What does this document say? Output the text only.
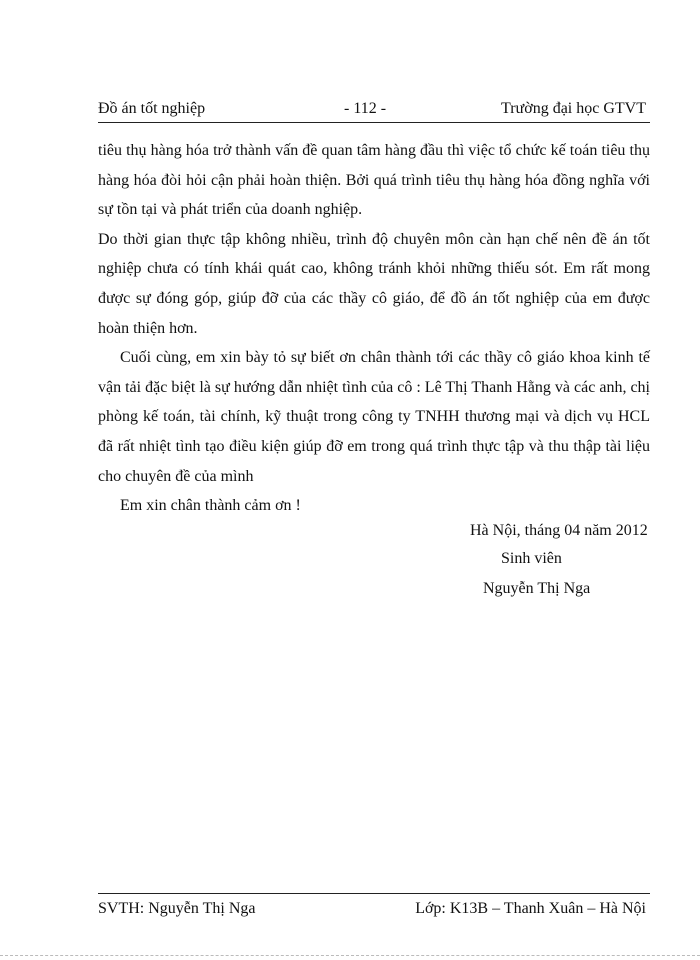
Đồ án tốt nghiệp	- 112 -	Trường đại học GTVT

tiêu thụ hàng hóa trở thành vấn đề quan tâm hàng đầu thì việc tổ chức kế toán tiêu thụ hàng hóa đòi hỏi cận phải hoàn thiện. Bởi quá trình tiêu thụ hàng hóa đồng nghĩa với sự tồn tại và phát triển của doanh nghiệp.

Do thời gian thực tập không nhiều, trình độ chuyên môn càn hạn chế nên đề án tốt nghiệp chưa có tính khái quát cao, không tránh khỏi những thiếu sót. Em rất mong được sự đóng góp, giúp đỡ của các thầy cô giáo, để đồ án tốt nghiệp của em được hoàn thiện hơn.

Cuối cùng, em xin bày tỏ sự biết ơn chân thành tới các thầy cô giáo khoa kinh tế vận tải đặc biệt là sự hướng dẫn nhiệt tình của cô : Lê Thị Thanh Hằng và các anh, chị phòng kế toán, tài chính, kỹ thuật trong công ty TNHH thương mại và dịch vụ HCL đã rất nhiệt tình tạo điều kiện giúp đỡ em trong quá trình thực tập và thu thập tài liệu cho chuyên đề của mình

Em xin chân thành cảm ơn !

Hà Nội, tháng 04 năm 2012
Sinh viên
Nguyễn Thị Nga
SVTH: Nguyễn Thị Nga	Lớp: K13B – Thanh Xuân – Hà Nội
